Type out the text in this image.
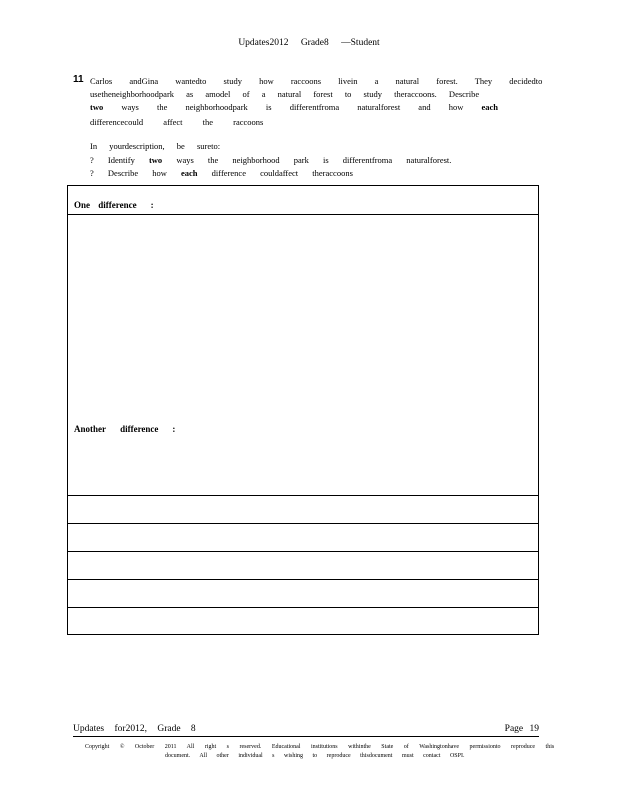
Updates2012 Grade8 —Student
11 Carlos andGina wantedto study how raccoons livein a natural forest. They decidedto
usetheneighborhoodpark as amodel of a natural forest to study theraccoons. Describe
two ways the neighborhoodpark is differentfroma naturalforest and how each
differencecould affect the raccoons
In yourdescription, be sureto:
? Identify two ways the neighborhood park is differentfroma naturalforest.
? Describe how each difference couldaffect theraccoons
One difference :
Another difference :
Updates for2012, Grade 8	Page 19
Copyright © October 2011 All right s reserved. Educational institutions withinthe State of Washingtonhave permissionto reproduce this
document. All other individual s wishing to reproduce thisdocument must contact OSPI.
